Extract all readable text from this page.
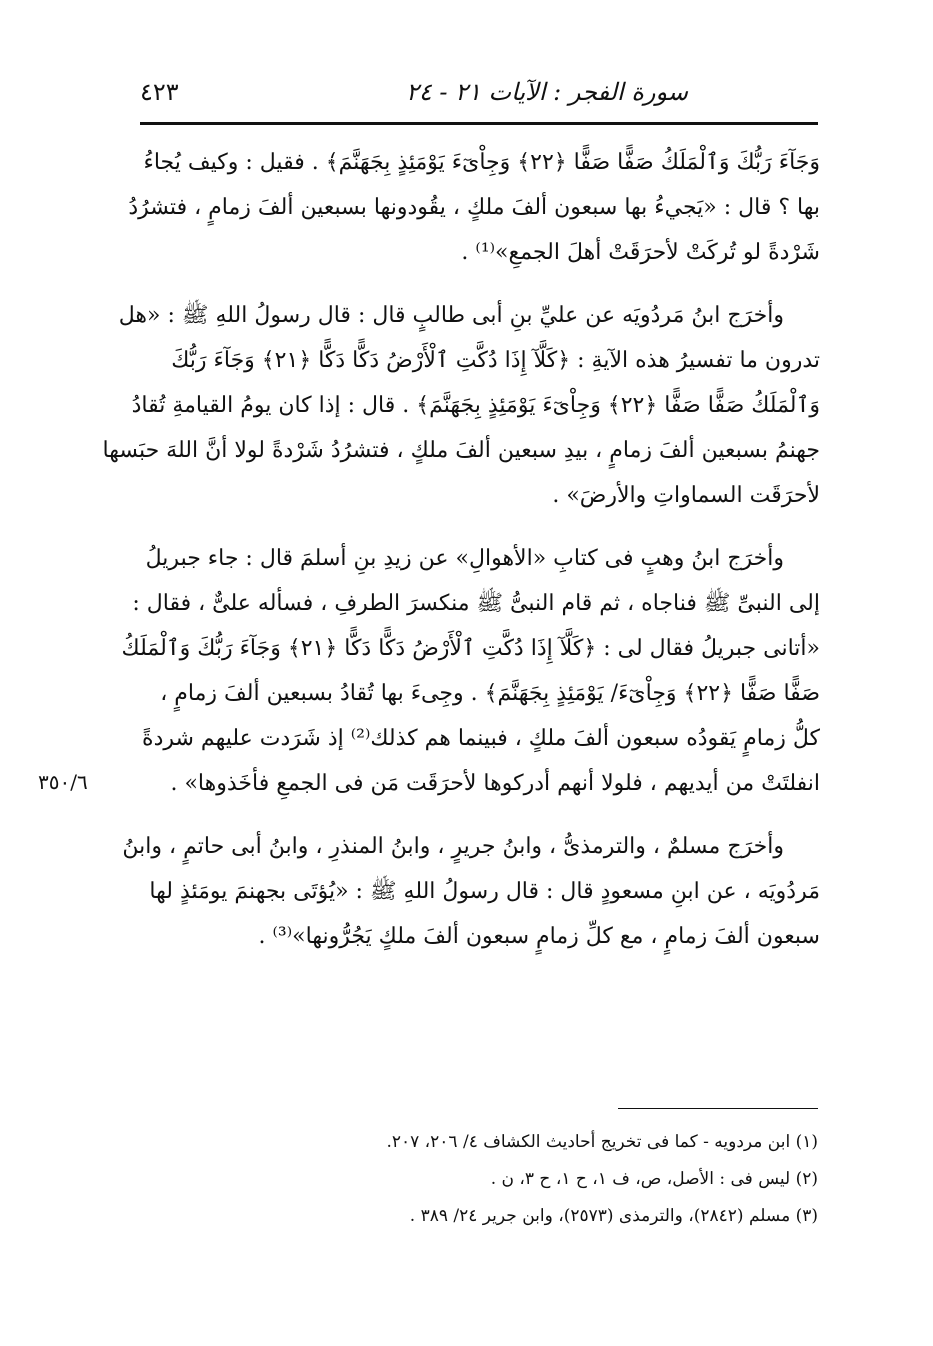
٤٢٣	سورة الفجر : الآيات ٢١ - ٢٤

وَجَآءَ رَبُّكَ وَٱلْمَلَكُ صَفًّا صَفًّا ﴿٢٢﴾ وَجِاْىٓءَ يَوْمَئِذٍ بِجَهَنَّمَ﴾ . فقيل : وكيف يُجاءُ
بها ؟ قال : «يَجيءُ بها سبعون ألفَ ملكٍ ، يقُودونها بسبعين ألفَ زمامٍ ، فتشرُدُ
شَرْدةً لو تُركَتْ لأحرَقَتْ أهلَ الجمعِ»⁽¹⁾ .

وأخرَج ابنُ مَردُويَه عن عليِّ بنِ أبى طالبٍ قال : قال رسولُ اللهِ ﷺ : «هل
تدرون ما تفسيرُ هذه الآيةِ : ﴿كَلَّآ إِذَا دُكَّتِ ٱلْأَرْضُ دَكًّا دَكًّا ﴿٢١﴾ وَجَآءَ رَبُّكَ
وَٱلْمَلَكُ صَفًّا صَفًّا ﴿٢٢﴾ وَجِاْىٓءَ يَوْمَئِذٍ بِجَهَنَّمَ﴾ . قال : إذا كان يومُ القيامةِ تُقادُ
جهنمُ بسبعين ألفَ زمامٍ ، بيدِ سبعين ألفَ ملكٍ ، فتشرُدُ شَرْدةً لولا أنَّ اللهَ حبَسها
لأحرَقَت السماواتِ والأرضَ» .

وأخرَج ابنُ وهبٍ فى كتابِ «الأهوالِ» عن زيدِ بنِ أسلمَ قال : جاء جبريلُ
إلى النبىِّ ﷺ فناجاه ، ثم قام النبىُّ ﷺ منكسرَ الطرفِ ، فسأله علىٌّ ، فقال :
«أتانى جبريلُ فقال لى : ﴿كَلَّآ إِذَا دُكَّتِ ٱلْأَرْضُ دَكًّا دَكًّا ﴿٢١﴾ وَجَآءَ رَبُّكَ وَٱلْمَلَكُ
صَفًّا صَفًّا ﴿٢٢﴾ وَجِاْىٓءَ/ يَوْمَئِذٍ بِجَهَنَّمَ﴾ . وجِىءَ بها تُقادُ بسبعين ألفَ زمامٍ ،
كلُّ زمامٍ يَقودُه سبعون ألفَ ملكٍ ، فبينما هم كذلك⁽²⁾ إذ شَرَدت عليهم شردةً
انفلتَتْ من أيديهم ، فلولا أنهم أدركوها لأحرَقَت مَن فى الجمعِ فأخَذوها» .

وأخرَج مسلمٌ ، والترمذىُّ ، وابنُ جريرٍ ، وابنُ المنذرِ ، وابنُ أبى حاتمٍ ، وابنُ
مَردُويَه ، عن ابنِ مسعودٍ قال : قال رسولُ اللهِ ﷺ : «يُؤتَى بجهنمَ يومَئذٍ لها
سبعون ألفَ زمامٍ ، مع كلِّ زمامٍ سبعون ألفَ ملكٍ يَجُرُّونها»⁽³⁾ .

٣٥٠/٦
(١) ابن مردويه - كما فى تخريج أحاديث الكشاف ٤/ ٢٠٦، ٢٠٧.
(٢) ليس فى : الأصل، ص، ف ١، ح ١، ح ٣، ن .
(٣) مسلم (٢٨٤٢)، والترمذى (٢٥٧٣)، وابن جرير ٢٤/ ٣٨٩ .
